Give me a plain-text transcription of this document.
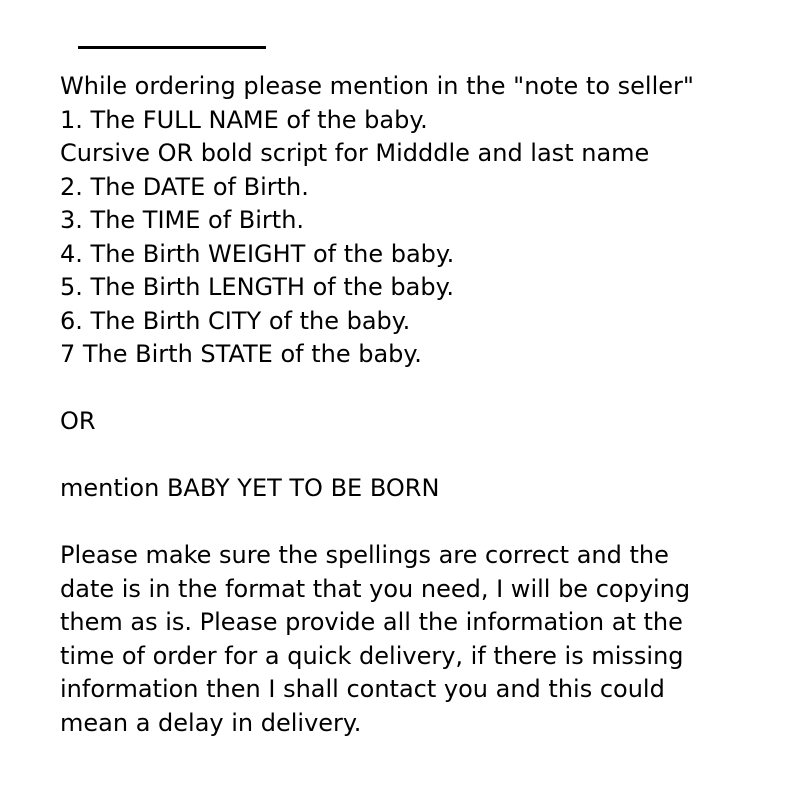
While ordering please mention in the "note to seller"

1. The FULL NAME of the baby.

Cursive OR bold script for Midddle and last name

2. The DATE of Birth.

3. The TIME of Birth.

4. The Birth WEIGHT of the baby.

5. The Birth LENGTH of the baby.

6. The Birth CITY of the baby.

7 The Birth STATE of the baby.

OR

mention BABY YET TO BE BORN

Please make sure the spellings are correct and the

date is in the format that you need, I will be copying

them as is. Please provide all the information at the

time of order for a quick delivery, if there is missing

information then I shall contact you and this could

mean a delay in delivery.
